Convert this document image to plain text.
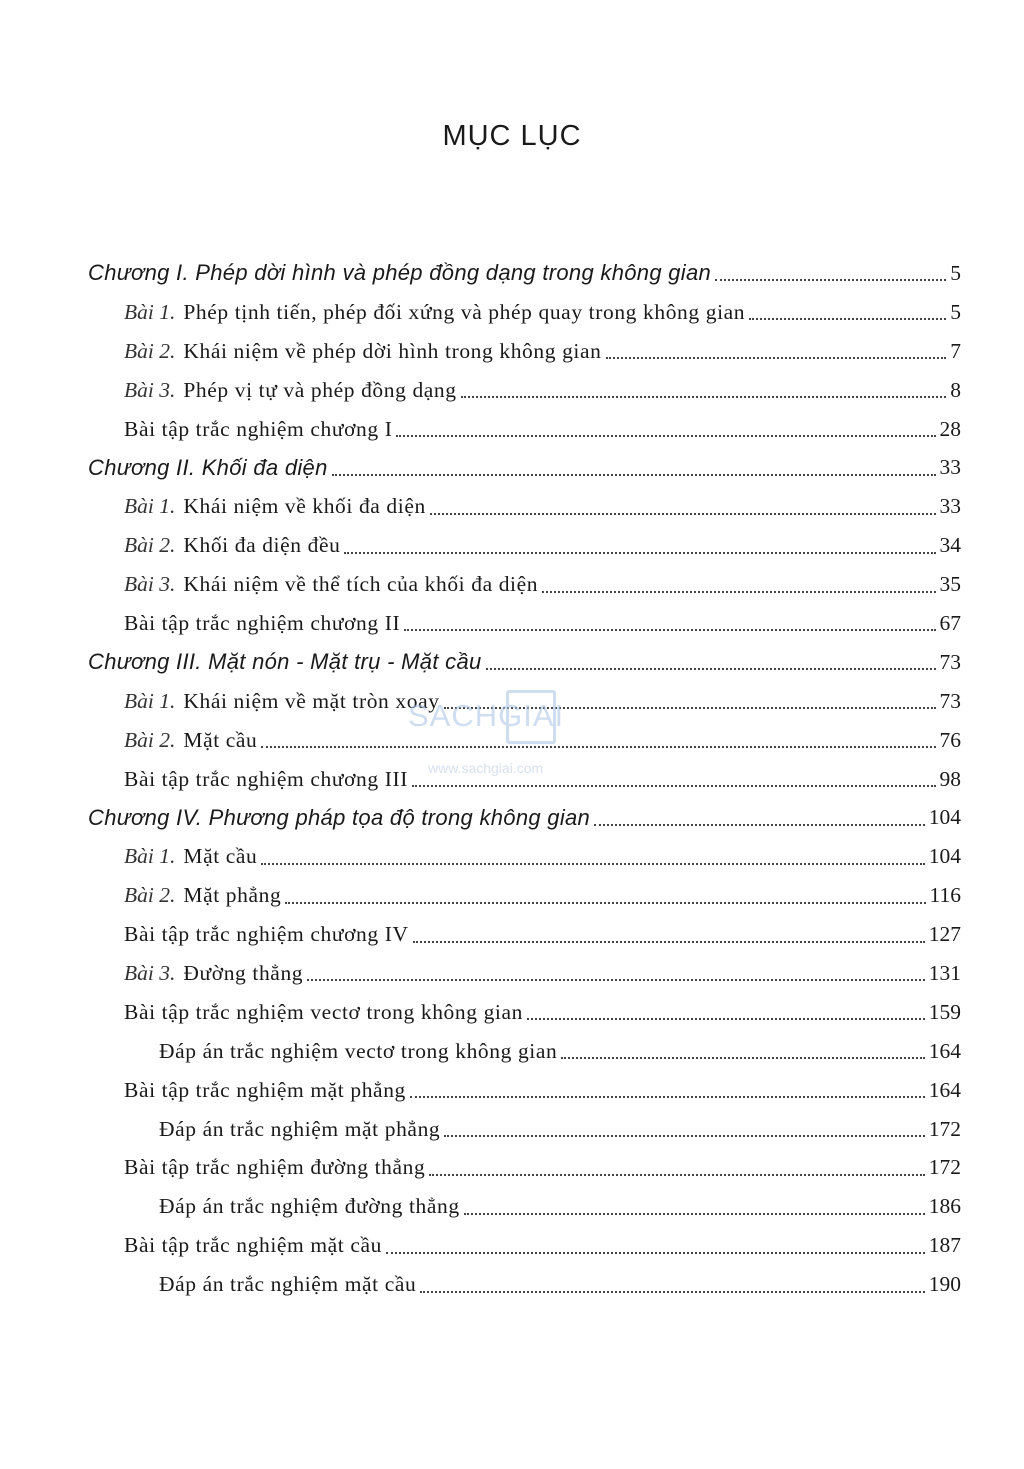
MỤC LỤC
Chương I. Phép dời hình và phép đồng dạng trong không gian	5
Bài 1. Phép tịnh tiến, phép đối xứng và phép quay trong không gian	5
Bài 2. Khái niệm về phép dời hình trong không gian	7
Bài 3. Phép vị tự và phép đồng dạng	8
Bài tập trắc nghiệm chương I	28
Chương II. Khối đa diện	33
Bài 1. Khái niệm về khối đa diện	33
Bài 2. Khối đa diện đều	34
Bài 3. Khái niệm về thể tích của khối đa diện	35
Bài tập trắc nghiệm chương II	67
Chương III. Mặt nón - Mặt trụ - Mặt cầu	73
Bài 1. Khái niệm về mặt tròn xoay	73
Bài 2. Mặt cầu	76
Bài tập trắc nghiệm chương III	98
Chương IV. Phương pháp tọa độ trong không gian	104
Bài 1. Mặt cầu	104
Bài 2. Mặt phẳng	116
Bài tập trắc nghiệm chương IV	127
Bài 3. Đường thẳng	131
Bài tập trắc nghiệm vectơ trong không gian	159
Đáp án trắc nghiệm vectơ trong không gian	164
Bài tập trắc nghiệm mặt phẳng	164
Đáp án trắc nghiệm mặt phẳng	172
Bài tập trắc nghiệm đường thẳng	172
Đáp án trắc nghiệm đường thẳng	186
Bài tập trắc nghiệm mặt cầu	187
Đáp án trắc nghiệm mặt cầu	190
SACHGIAI
www.sachgiai.com
